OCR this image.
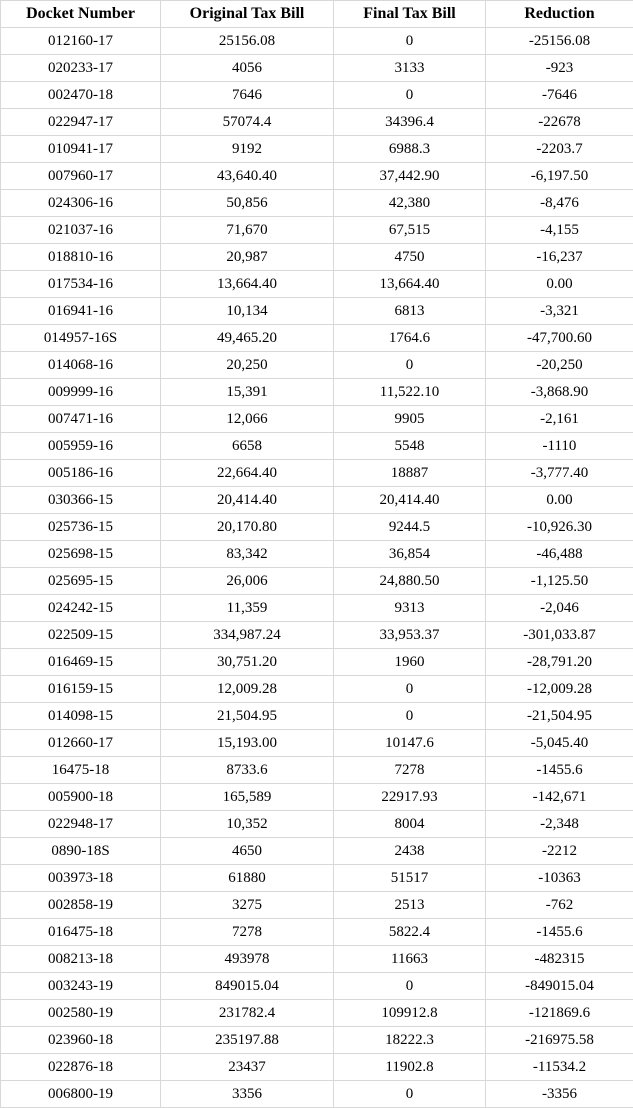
Docket Number	Original Tax Bill	Final Tax Bill	Reduction
012160-17	25156.08	0	-25156.08
020233-17	4056	3133	-923
002470-18	7646	0	-7646
022947-17	57074.4	34396.4	-22678
010941-17	9192	6988.3	-2203.7
007960-17	43,640.40	37,442.90	-6,197.50
024306-16	50,856	42,380	-8,476
021037-16	71,670	67,515	-4,155
018810-16	20,987	4750	-16,237
017534-16	13,664.40	13,664.40	0.00
016941-16	10,134	6813	-3,321
014957-16S	49,465.20	1764.6	-47,700.60
014068-16	20,250	0	-20,250
009999-16	15,391	11,522.10	-3,868.90
007471-16	12,066	9905	-2,161
005959-16	6658	5548	-1110
005186-16	22,664.40	18887	-3,777.40
030366-15	20,414.40	20,414.40	0.00
025736-15	20,170.80	9244.5	-10,926.30
025698-15	83,342	36,854	-46,488
025695-15	26,006	24,880.50	-1,125.50
024242-15	11,359	9313	-2,046
022509-15	334,987.24	33,953.37	-301,033.87
016469-15	30,751.20	1960	-28,791.20
016159-15	12,009.28	0	-12,009.28
014098-15	21,504.95	0	-21,504.95
012660-17	15,193.00	10147.6	-5,045.40
16475-18	8733.6	7278	-1455.6
005900-18	165,589	22917.93	-142,671
022948-17	10,352	8004	-2,348
0890-18S	4650	2438	-2212
003973-18	61880	51517	-10363
002858-19	3275	2513	-762
016475-18	7278	5822.4	-1455.6
008213-18	493978	11663	-482315
003243-19	849015.04	0	-849015.04
002580-19	231782.4	109912.8	-121869.6
023960-18	235197.88	18222.3	-216975.58
022876-18	23437	11902.8	-11534.2
006800-19	3356	0	-3356
